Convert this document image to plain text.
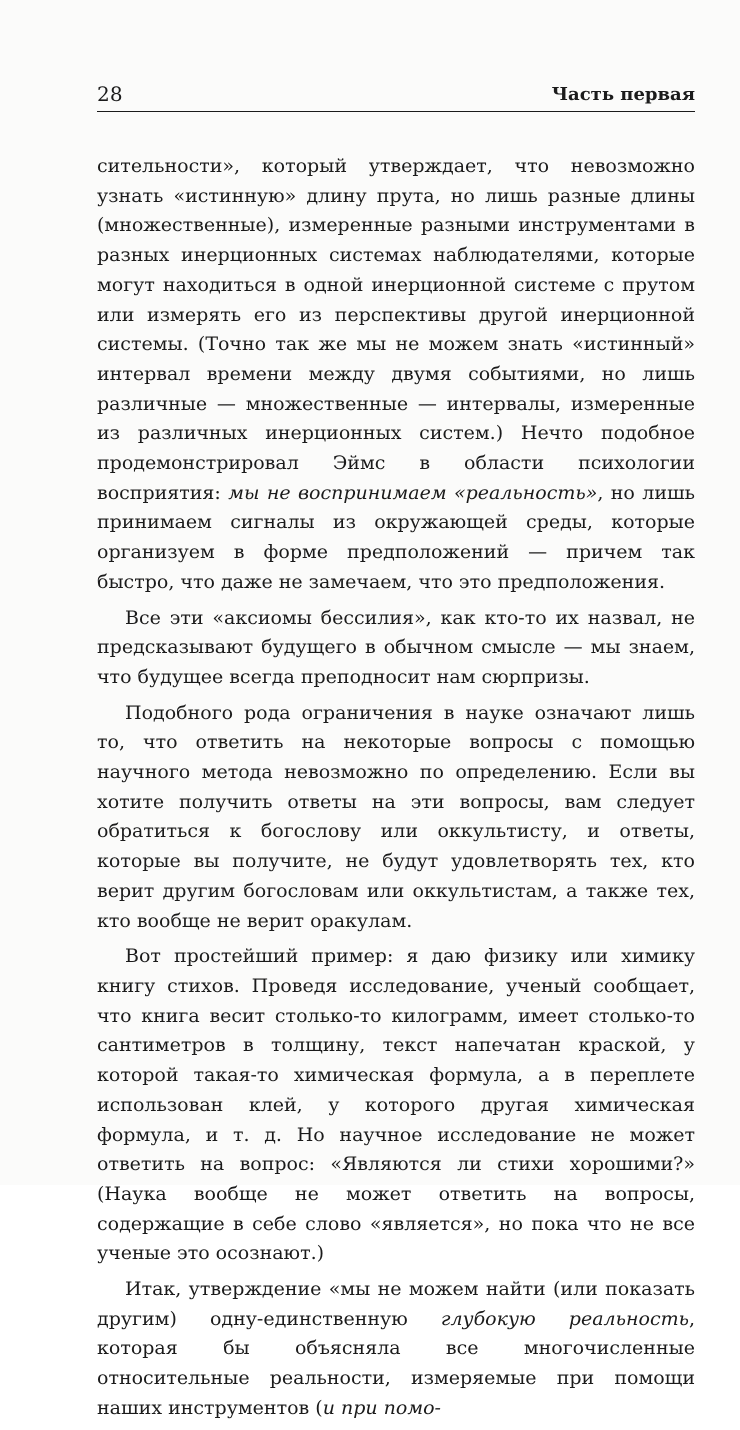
28	Часть первая

сительности», который утверждает, что невозможно узнать «истинную» длину прута, но лишь разные длины (множественные), измеренные разными инструментами в разных инерционных системах наблюдателями, которые могут находиться в одной инерционной системе с прутом или измерять его из перспективы другой инерционной системы. (Точно так же мы не можем знать «истинный» интервал времени между двумя событиями, но лишь различные — множественные — интервалы, измеренные из различных инерционных систем.) Нечто подобное продемонстрировал Эймс в области психологии восприятия: мы не воспринимаем «реальность», но лишь принимаем сигналы из окружающей среды, которые организуем в форме предположений — причем так быстро, что даже не замечаем, что это предположения.

Все эти «аксиомы бессилия», как кто-то их назвал, не предсказывают будущего в обычном смысле — мы знаем, что будущее всегда преподносит нам сюрпризы.

Подобного рода ограничения в науке означают лишь то, что ответить на некоторые вопросы с помощью научного метода невозможно по определению. Если вы хотите получить ответы на эти вопросы, вам следует обратиться к богослову или оккультисту, и ответы, которые вы получите, не будут удовлетворять тех, кто верит другим богословам или оккультистам, а также тех, кто вообще не верит оракулам.

Вот простейший пример: я даю физику или химику книгу стихов. Проведя исследование, ученый сообщает, что книга весит столько-то килограмм, имеет столько-то сантиметров в толщину, текст напечатан краской, у которой такая-то химическая формула, а в переплете использован клей, у которого другая химическая формула, и т. д. Но научное исследование не может ответить на вопрос: «Являются ли стихи хорошими?» (Наука вообще не может ответить на вопросы, содержащие в себе слово «является», но пока что не все ученые это осознают.)

Итак, утверждение «мы не можем найти (или показать другим) одну-единственную глубокую реальность, которая бы объясняла все многочисленные относительные реальности, измеряемые при помощи наших инструментов (и при помо-
